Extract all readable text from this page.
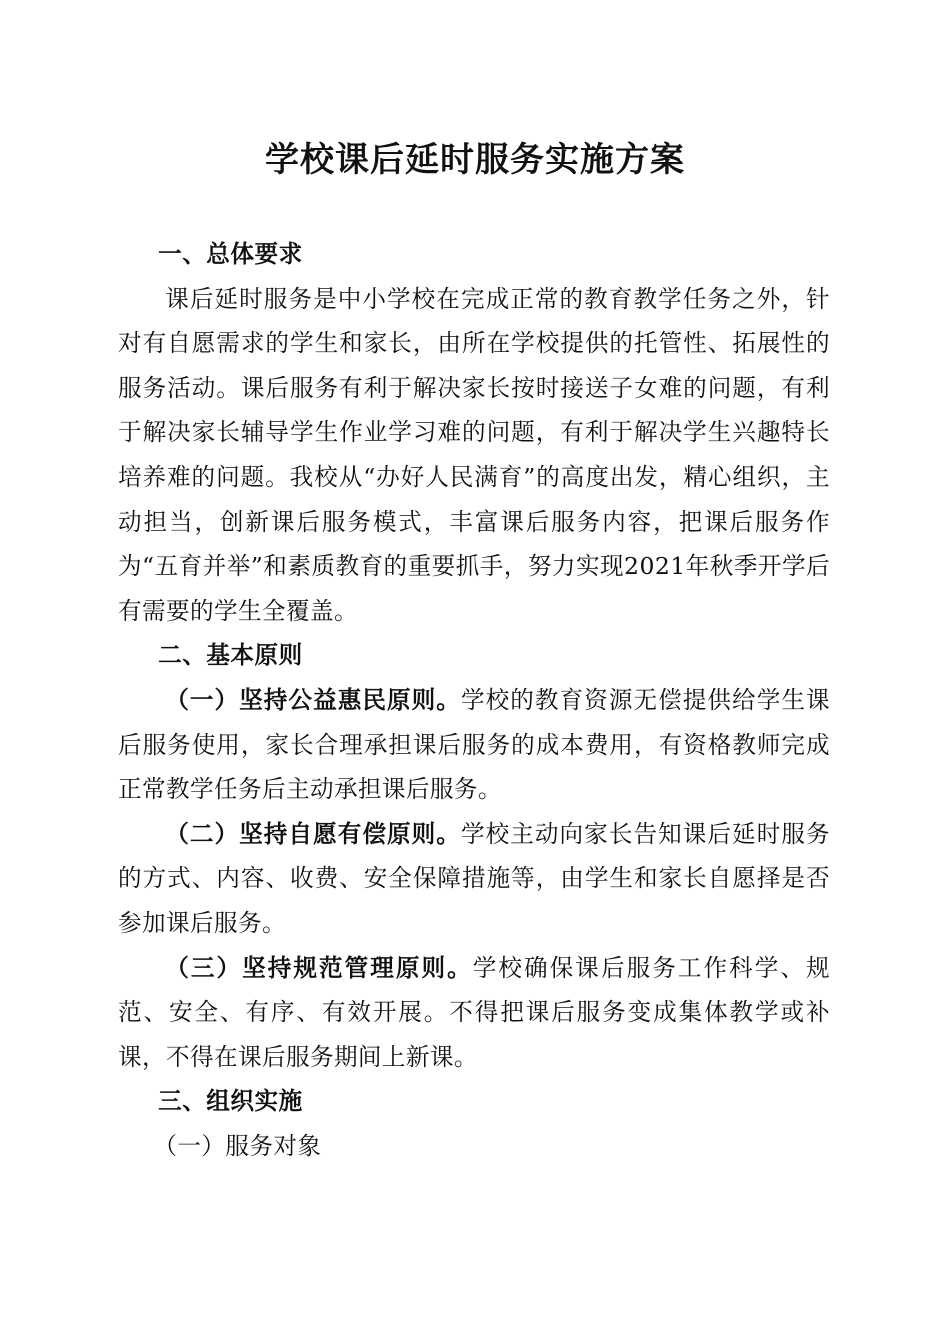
学校课后延时服务实施方案
一、总体要求

课后延时服务是中小学校在完成正常的教育教学任务之外，针对有自愿需求的学生和家长，由所在学校提供的托管性、拓展性的服务活动。课后服务有利于解决家长按时接送子女难的问题，有利于解决家长辅导学生作业学习难的问题，有利于解决学生兴趣特长培养难的问题。我校从“办好人民满育”的高度出发，精心组织，主动担当，创新课后服务模式，丰富课后服务内容，把课后服务作为“五育并举”和素质教育的重要抓手，努力实现2021年秋季开学后有需要的学生全覆盖。

二、基本原则

（一）坚持公益惠民原则。学校的教育资源无偿提供给学生课后服务使用，家长合理承担课后服务的成本费用，有资格教师完成正常教学任务后主动承担课后服务。

（二）坚持自愿有偿原则。学校主动向家长告知课后延时服务的方式、内容、收费、安全保障措施等，由学生和家长自愿择是否参加课后服务。

（三）坚持规范管理原则。学校确保课后服务工作科学、规范、安全、有序、有效开展。不得把课后服务变成集体教学或补课，不得在课后服务期间上新课。

三、组织实施

（一）服务对象
